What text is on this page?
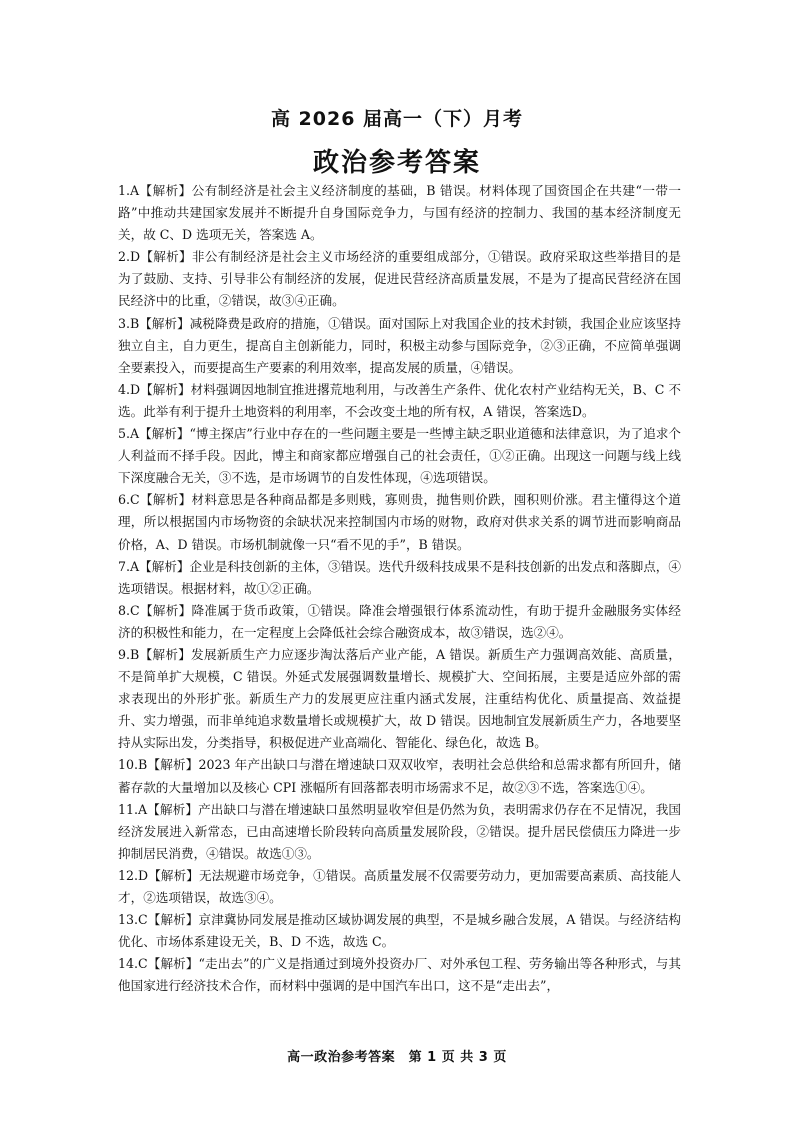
高 2026 届高一（下）月考
政治参考答案

1.A【解析】公有制经济是社会主义经济制度的基础，B 错误。材料体现了国资国企在共建“一带一路”中推动共建国家发展并不断提升自身国际竞争力，与国有经济的控制力、我国的基本经济制度无关，故 C、D 选项无关，答案选 A。

2.D【解析】非公有制经济是社会主义市场经济的重要组成部分，①错误。政府采取这些举措目的是为了鼓励、支持、引导非公有制经济的发展，促进民营经济高质量发展，不是为了提高民营经济在国民经济中的比重，②错误，故③④正确。

3.B【解析】减税降费是政府的措施，①错误。面对国际上对我国企业的技术封锁，我国企业应该坚持独立自主，自力更生，提高自主创新能力，同时，积极主动参与国际竞争，②③正确，不应简单强调全要素投入，而要提高生产要素的利用效率，提高发展的质量，④错误。

4.D【解析】材料强调因地制宜推进撂荒地利用，与改善生产条件、优化农村产业结构无关，B、C 不选。此举有利于提升土地资料的利用率，不会改变土地的所有权，A 错误，答案选D。

5.A【解析】“博主探店”行业中存在的一些问题主要是一些博主缺乏职业道德和法律意识，为了追求个人利益而不择手段。因此，博主和商家都应增强自己的社会责任，①②正确。出现这一问题与线上线下深度融合无关，③不选，是市场调节的自发性体现，④选项错误。

6.C【解析】材料意思是各种商品都是多则贱，寡则贵，抛售则价跌，囤积则价涨。君主懂得这个道理，所以根据国内市场物资的余缺状况来控制国内市场的财物，政府对供求关系的调节进而影响商品价格，A、D 错误。市场机制就像一只“看不见的手”，B 错误。

7.A【解析】企业是科技创新的主体，③错误。迭代升级科技成果不是科技创新的出发点和落脚点，④选项错误。根据材料，故①②正确。

8.C【解析】降准属于货币政策，①错误。降准会增强银行体系流动性，有助于提升金融服务实体经济的积极性和能力，在一定程度上会降低社会综合融资成本，故③错误，选②④。

9.B【解析】发展新质生产力应逐步淘汰落后产业产能，A 错误。新质生产力强调高效能、高质量，不是简单扩大规模，C 错误。外延式发展强调数量增长、规模扩大、空间拓展，主要是适应外部的需求表现出的外形扩张。新质生产力的发展更应注重内涵式发展，注重结构优化、质量提高、效益提升、实力增强，而非单纯追求数量增长或规模扩大，故 D 错误。因地制宜发展新质生产力，各地要坚持从实际出发，分类指导，积极促进产业高端化、智能化、绿色化，故选 B。

10.B【解析】2023 年产出缺口与潜在增速缺口双双收窄，表明社会总供给和总需求都有所回升，储蓄存款的大量增加以及核心 CPI 涨幅所有回落都表明市场需求不足，故②③不选，答案选①④。

11.A【解析】产出缺口与潜在增速缺口虽然明显收窄但是仍然为负，表明需求仍存在不足情况，我国经济发展进入新常态，已由高速增长阶段转向高质量发展阶段，②错误。提升居民偿债压力降进一步抑制居民消费，④错误。故选①③。

12.D【解析】无法规避市场竞争，①错误。高质量发展不仅需要劳动力，更加需要高素质、高技能人才，②选项错误，故选③④。

13.C【解析】京津冀协同发展是推动区域协调发展的典型，不是城乡融合发展，A 错误。与经济结构优化、市场体系建设无关，B、D 不选，故选 C。

14.C【解析】“走出去”的广义是指通过到境外投资办厂、对外承包工程、劳务输出等各种形式，与其他国家进行经济技术合作，而材料中强调的是中国汽车出口，这不是“走出去”，

高一政治参考答案　第 1 页 共 3 页
